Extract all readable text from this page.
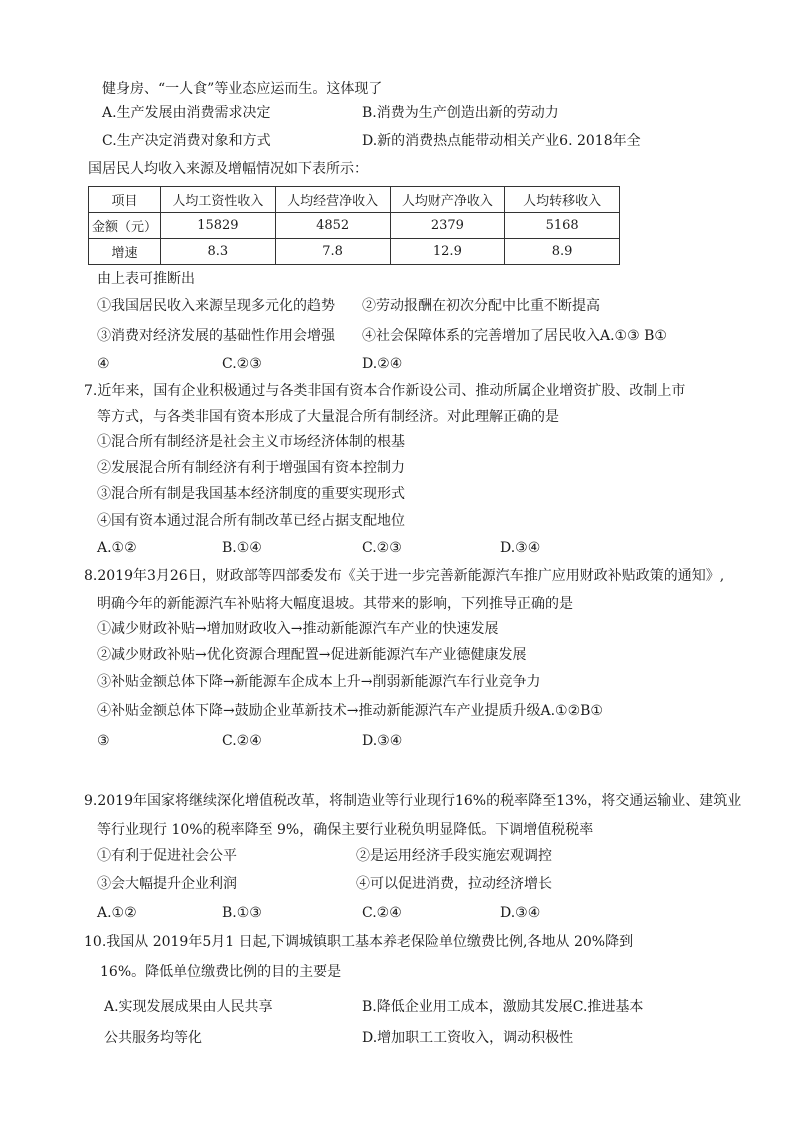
健身房、“一人食”等业态应运而生。这体现了
A.生产发展由消费需求决定	B.消费为生产创造出新的劳动力
C.生产决定消费对象和方式	D.新的消费热点能带动相关产业6. 2018年全
国居民人均收入来源及增幅情况如下表所示：
项目	人均工资性收入	人均经营净收入	人均财产净收入	人均转移收入
金额（元）	15829	4852	2379	5168
增速	8.3	7.8	12.9	8.9
由上表可推断出
①我国居民收入来源呈现多元化的趋势 ②劳动报酬在初次分配中比重不断提高
③消费对经济发展的基础性作用会增强 ④社会保障体系的完善增加了居民收入A.①③ B①
④	C.②③	D.②④
7.近年来，国有企业积极通过与各类非国有资本合作新设公司、推动所属企业增资扩股、改制上市
等方式，与各类非国有资本形成了大量混合所有制经济。对此理解正确的是
①混合所有制经济是社会主义市场经济体制的根基
②发展混合所有制经济有利于增强国有资本控制力
③混合所有制是我国基本经济制度的重要实现形式
④国有资本通过混合所有制改革已经占据支配地位
A.①②	B.①④	C.②③	D.③④
8.2019年3月26日，财政部等四部委发布《关于进一步完善新能源汽车推广应用财政补贴政策的通知》,
明确今年的新能源汽车补贴将大幅度退坡。其带来的影响，下列推导正确的是
①减少财政补贴→增加财政收入→推动新能源汽车产业的快速发展
②减少财政补贴→优化资源合理配置→促进新能源汽车产业德健康发展
③补贴金额总体下降→新能源车企成本上升→削弱新能源汽车行业竞争力
④补贴金额总体下降→鼓励企业革新技术→推动新能源汽车产业提质升级A.①②B①
③	C.②④	D.③④
9.2019年国家将继续深化增值税改革，将制造业等行业现行16%的税率降至13%，将交通运输业、建筑业
等行业现行 10%的税率降至 9%，确保主要行业税负明显降低。下调增值税税率
①有利于促进社会公平	②是运用经济手段实施宏观调控
③会大幅提升企业利润	④可以促进消费，拉动经济增长
A.①②	B.①③	C.②④	D.③④
10.我国从 2019年5月1 日起,下调城镇职工基本养老保险单位缴费比例,各地从 20%降到
16%。降低单位缴费比例的目的主要是
A.实现发展成果由人民共享	B.降低企业用工成本，激励其发展C.推进基本
公共服务均等化	D.增加职工工资收入，调动积极性
